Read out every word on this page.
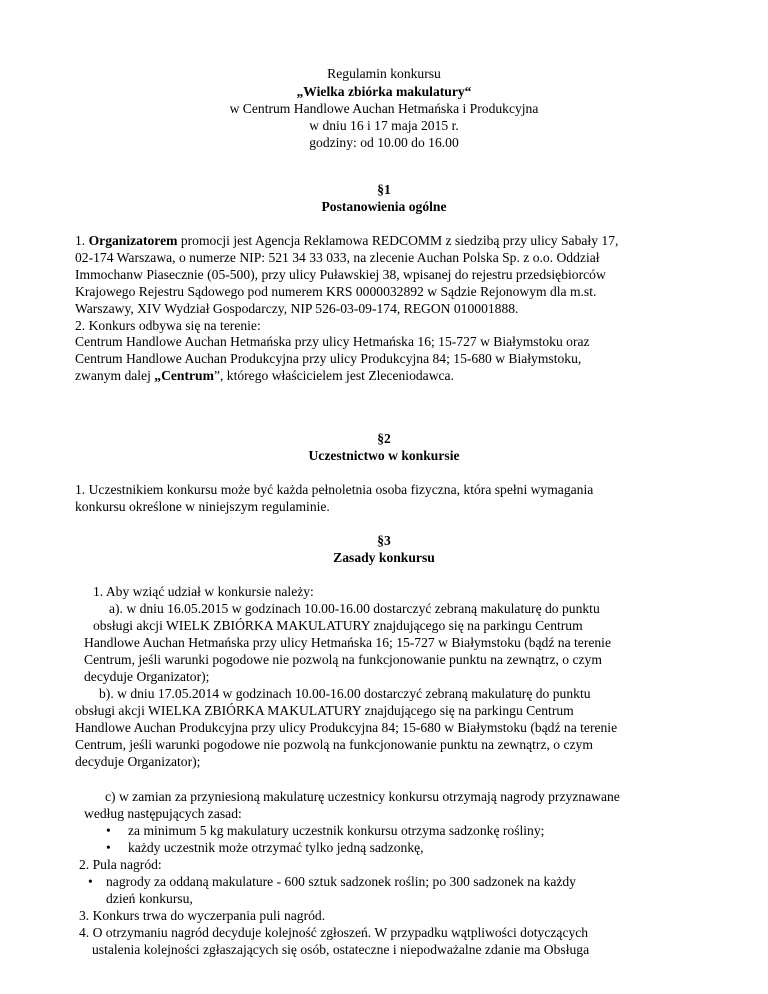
Regulamin konkursu
„Wielka zbiórka makulatury“
w Centrum Handlowe Auchan Hetmańska i Produkcyjna
w dniu 16 i 17 maja 2015 r.
godziny: od 10.00 do 16.00
§1
Postanowienia ogólne
1. Organizatorem promocji jest Agencja Reklamowa REDCOMM z siedzibą przy ulicy Sabały 17,
02-174 Warszawa, o numerze NIP: 521 34 33 033, na zlecenie Auchan Polska Sp. z o.o. Oddział
Immochanw Piasecznie (05-500), przy ulicy Puławskiej 38, wpisanej do rejestru przedsiębiorców
Krajowego Rejestru Sądowego pod numerem KRS 0000032892 w Sądzie Rejonowym dla m.st.
Warszawy, XIV Wydział Gospodarczy, NIP 526-03-09-174, REGON 010001888.
2. Konkurs odbywa się na terenie:
Centrum Handlowe Auchan Hetmańska przy ulicy Hetmańska 16; 15-727 w Białymstoku oraz
Centrum Handlowe Auchan Produkcyjna przy ulicy Produkcyjna 84; 15-680 w Białymstoku,
zwanym dalej „Centrum”, którego właścicielem jest Zleceniodawca.
§2
Uczestnictwo w konkursie
1. Uczestnikiem konkursu może być każda pełnoletnia osoba fizyczna, która spełni wymagania
konkursu określone w niniejszym regulaminie.
§3
Zasady konkursu
1. Aby wziąć udział w konkursie należy:
a). w dniu 16.05.2015 w godzinach 10.00-16.00 dostarczyć zebraną makulaturę do punktu
obsługi akcji WIELK ZBIÓRKA MAKULATURY znajdującego się na parkingu Centrum
Handlowe Auchan Hetmańska przy ulicy Hetmańska 16; 15-727 w Białymstoku (bądź na terenie
Centrum, jeśli warunki pogodowe nie pozwolą na funkcjonowanie punktu na zewnątrz, o czym
decyduje Organizator);
b). w dniu 17.05.2014 w godzinach 10.00-16.00 dostarczyć zebraną makulaturę do punktu
obsługi akcji WIELKA ZBIÓRKA MAKULATURY znajdującego się na parkingu Centrum
Handlowe Auchan Produkcyjna przy ulicy Produkcyjna 84; 15-680 w Białymstoku (bądź na terenie
Centrum, jeśli warunki pogodowe nie pozwolą na funkcjonowanie punktu na zewnątrz, o czym
decyduje Organizator);
c) w zamian za przyniesioną makulaturę uczestnicy konkursu otrzymają nagrody przyznawane
według następujących zasad:
• za minimum 5 kg makulatury uczestnik konkursu otrzyma sadzonkę rośliny;
• każdy uczestnik może otrzymać tylko jedną sadzonkę,
2. Pula nagród:
• nagrody za oddaną makulature - 600 sztuk sadzonek roślin; po 300 sadzonek na każdy
dzień konkursu,
3. Konkurs trwa do wyczerpania puli nagród.
4. O otrzymaniu nagród decyduje kolejność zgłoszeń. W przypadku wątpliwości dotyczących
ustalenia kolejności zgłaszających się osób, ostateczne i niepodważalne zdanie ma Obsługa
